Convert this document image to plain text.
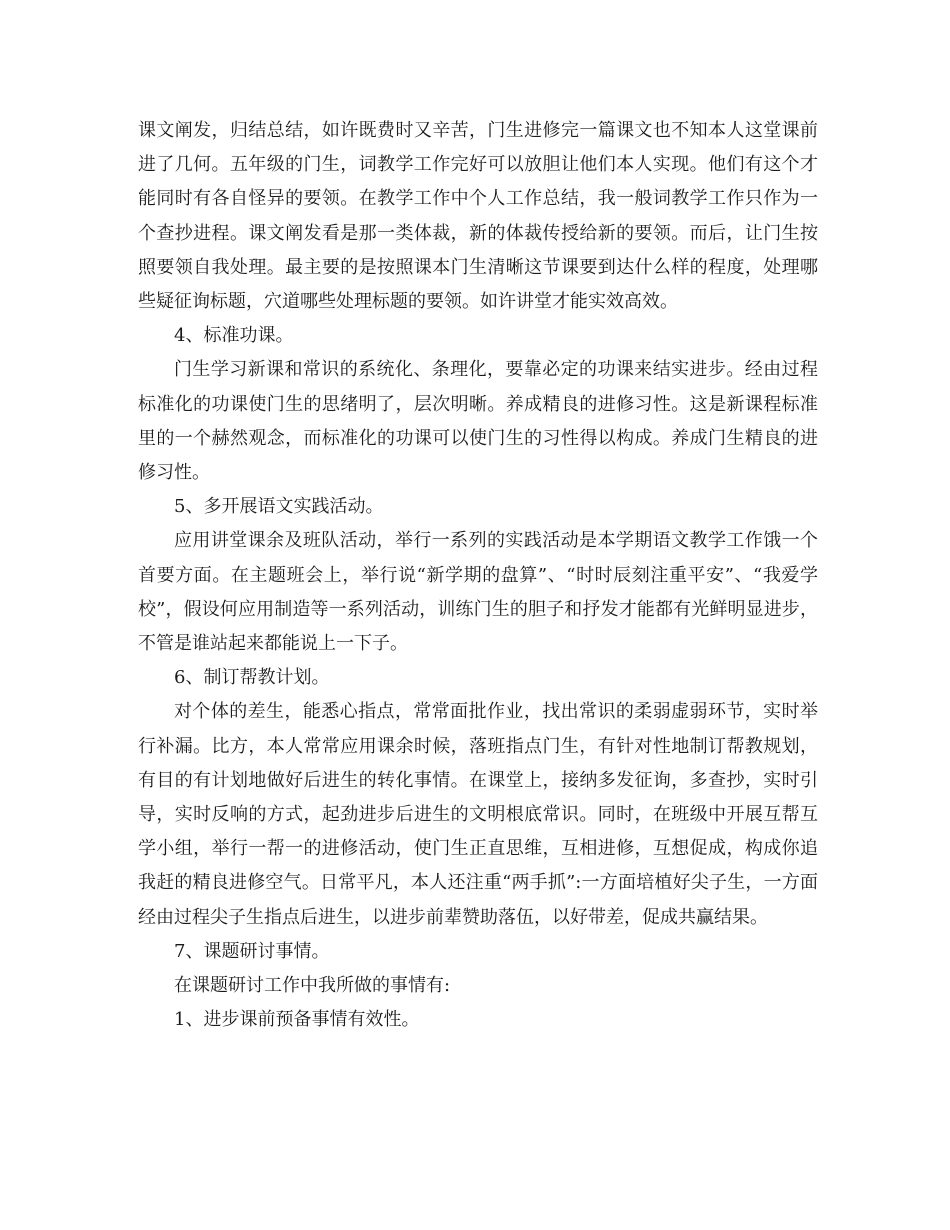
课文阐发，归结总结，如许既费时又辛苦，门生进修完一篇课文也不知本人这堂课前进了几何。五年级的门生，词教学工作完好可以放胆让他们本人实现。他们有这个才能同时有各自怪异的要领。在教学工作中个人工作总结，我一般词教学工作只作为一个查抄进程。课文阐发看是那一类体裁，新的体裁传授给新的要领。而后，让门生按照要领自我处理。最主要的是按照课本门生清晰这节课要到达什么样的程度，处理哪些疑征询标题，穴道哪些处理标题的要领。如许讲堂才能实效高效。

4、标准功课。

门生学习新课和常识的系统化、条理化，要靠必定的功课来结实进步。经由过程标准化的功课使门生的思绪明了，层次明晰。养成精良的进修习性。这是新课程标准里的一个赫然观念，而标准化的功课可以使门生的习性得以构成。养成门生精良的进修习性。

5、多开展语文实践活动。

应用讲堂课余及班队活动，举行一系列的实践活动是本学期语文教学工作饿一个首要方面。在主题班会上，举行说“新学期的盘算”、“时时辰刻注重平安”、“我爱学校”，假设何应用制造等一系列活动，训练门生的胆子和抒发才能都有光鲜明显进步，不管是谁站起来都能说上一下子。

6、制订帮教计划。

对个体的差生，能悉心指点，常常面批作业，找出常识的柔弱虚弱环节，实时举行补漏。比方，本人常常应用课余时候，落班指点门生，有针对性地制订帮教规划，有目的有计划地做好后进生的转化事情。在课堂上，接纳多发征询，多查抄，实时引导，实时反响的方式，起劲进步后进生的文明根底常识。同时，在班级中开展互帮互学小组，举行一帮一的进修活动，使门生正直思维，互相进修，互想促成，构成你追我赶的精良进修空气。日常平凡，本人还注重“两手抓”:一方面培植好尖子生，一方面经由过程尖子生指点后进生，以进步前辈赞助落伍，以好带差，促成共赢结果。

7、课题研讨事情。

在课题研讨工作中我所做的事情有:

1、进步课前预备事情有效性。
